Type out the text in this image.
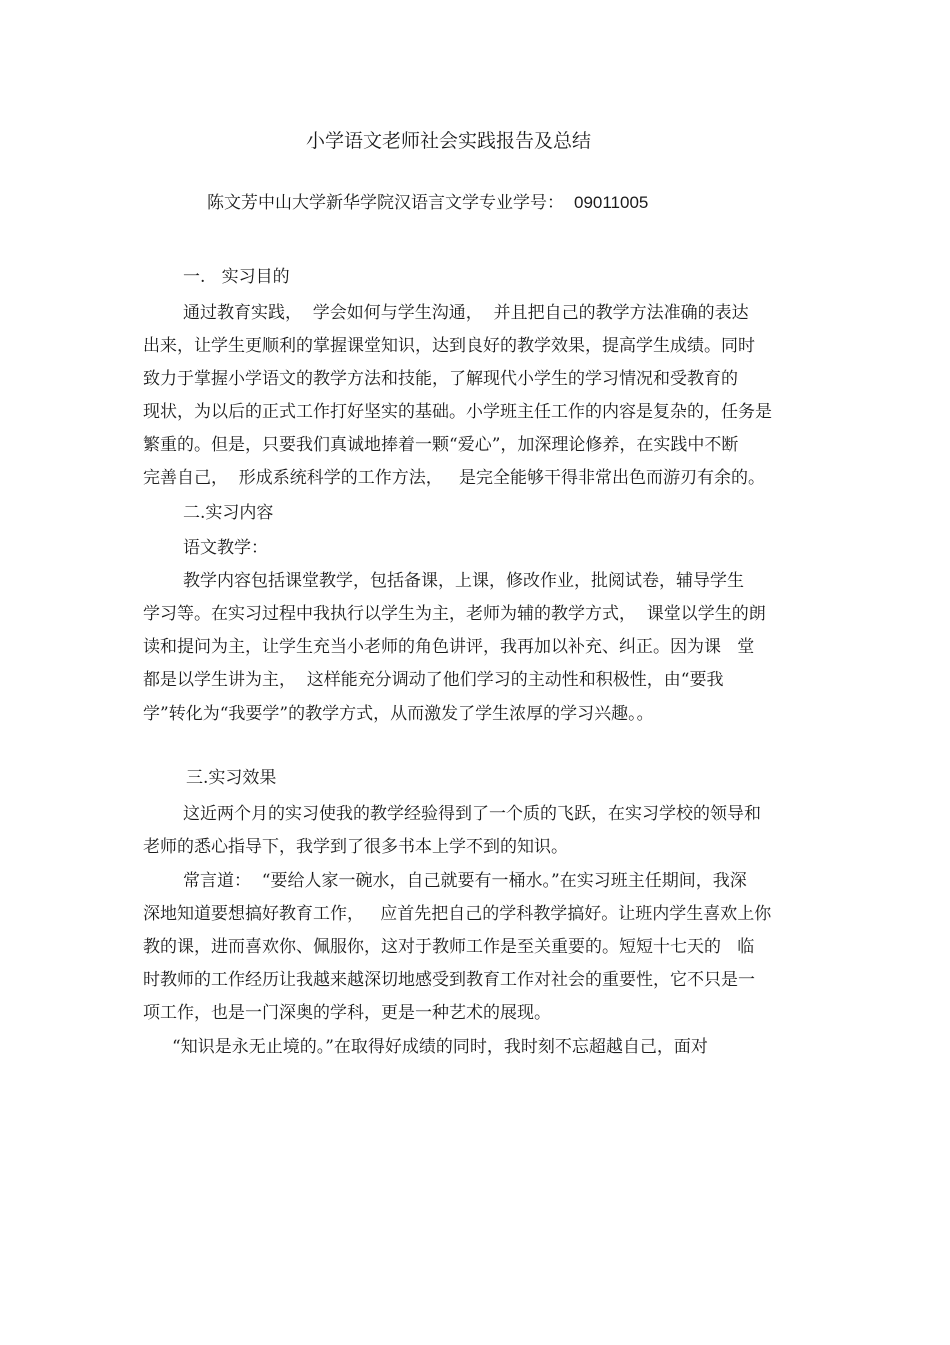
小学语文老师社会实践报告及总结
陈文芳中山大学新华学院汉语言文学专业学号： 09011005
一.   实习目的
通过教育实践，  学会如何与学生沟通，  并且把自己的教学方法准确的表达
出来，让学生更顺利的掌握课堂知识，达到良好的教学效果，提高学生成绩。同时
致力于掌握小学语文的教学方法和技能，了解现代小学生的学习情况和受教育的
现状，为以后的正式工作打好坚实的基础。小学班主任工作的内容是复杂的，任务是
繁重的。但是，只要我们真诚地捧着一颗“爱心”，加深理论修养，在实践中不断
完善自己，  形成系统科学的工作方法，   是完全能够干得非常出色而游刃有余的。
二.实习内容
语文教学：
教学内容包括课堂教学，包括备课，上课，修改作业，批阅试卷，辅导学生
学习等。在实习过程中我执行以学生为主，老师为辅的教学方式，  课堂以学生的朗
读和提问为主，让学生充当小老师的角色讲评，我再加以补充、纠正。因为课   堂
都是以学生讲为主，  这样能充分调动了他们学习的主动性和积极性，由“要我
学”转化为“我要学”的教学方式，从而激发了学生浓厚的学习兴趣。。
三.实习效果
这近两个月的实习使我的教学经验得到了一个质的飞跃，在实习学校的领导和
老师的悉心指导下，我学到了很多书本上学不到的知识。
常言道：  “要给人家一碗水，自己就要有一桶水。”在实习班主任期间，我深
深地知道要想搞好教育工作，   应首先把自己的学科教学搞好。让班内学生喜欢上你
教的课，进而喜欢你、佩服你，这对于教师工作是至关重要的。短短十七天的   临
时教师的工作经历让我越来越深切地感受到教育工作对社会的重要性，它不只是一
项工作，也是一门深奥的学科，更是一种艺术的展现。
“知识是永无止境的。”在取得好成绩的同时，我时刻不忘超越自己，面对
